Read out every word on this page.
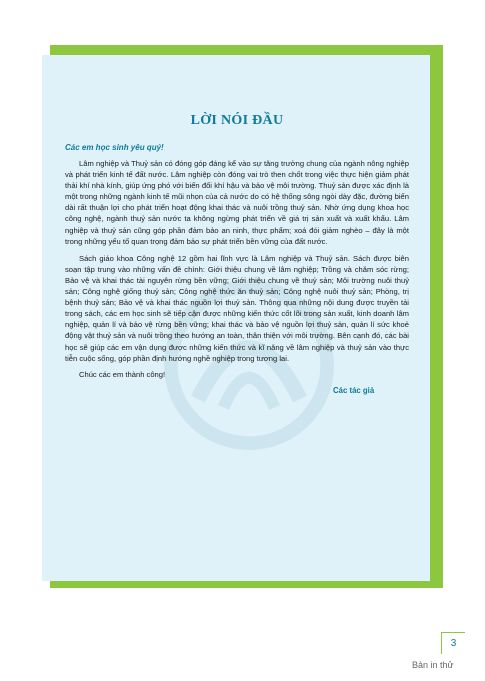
LỜI NÓI ĐẦU

Các em học sinh yêu quý!

Lâm nghiệp và Thuỷ sản có đóng góp đáng kể vào sự tăng trưởng chung của ngành nông nghiệp và phát triển kinh tế đất nước. Lâm nghiệp còn đóng vai trò then chốt trong việc thực hiện giảm phát thải khí nhà kính, giúp ứng phó với biến đổi khí hậu và bảo vệ môi trường. Thuỷ sản được xác định là một trong những ngành kinh tế mũi nhọn của cả nước do có hệ thống sông ngòi dày đặc, đường biển dài rất thuận lợi cho phát triển hoạt động khai thác và nuôi trồng thuỷ sản. Nhờ ứng dụng khoa học công nghệ, ngành thuỷ sản nước ta không ngừng phát triển về giá trị sản xuất và xuất khẩu. Lâm nghiệp và thuỷ sản cũng góp phần đảm bảo an ninh, thực phẩm; xoá đói giảm nghèo – đây là một trong những yếu tố quan trọng đảm bảo sự phát triển bền vững của đất nước.

Sách giáo khoa Công nghệ 12 gồm hai lĩnh vực là Lâm nghiệp và Thuỷ sản. Sách được biên soạn tập trung vào những vấn đề chính: Giới thiệu chung về lâm nghiệp; Trồng và chăm sóc rừng; Bảo vệ và khai thác tài nguyên rừng bền vững; Giới thiệu chung về thuỷ sản; Môi trường nuôi thuỷ sản; Công nghệ giống thuỷ sản; Công nghệ thức ăn thuỷ sản; Công nghệ nuôi thuỷ sản; Phòng, trị bệnh thuỷ sản; Bảo vệ và khai thác nguồn lợi thuỷ sản. Thông qua những nội dung được truyền tải trong sách, các em học sinh sẽ tiếp cận được những kiến thức cốt lõi trong sản xuất, kinh doanh lâm nghiệp, quản lí và bảo vệ rừng bền vững; khai thác và bảo vệ nguồn lợi thuỷ sản, quản lí sức khoẻ động vật thuỷ sản và nuôi trồng theo hướng an toàn, thân thiện với môi trường. Bên cạnh đó, các bài học sẽ giúp các em vận dụng được những kiến thức và kĩ năng về lâm nghiệp và thuỷ sản vào thực tiễn cuộc sống, góp phần định hướng nghề nghiệp trong tương lai.

Chúc các em thành công!

Các tác giả

3
Bản in thử
